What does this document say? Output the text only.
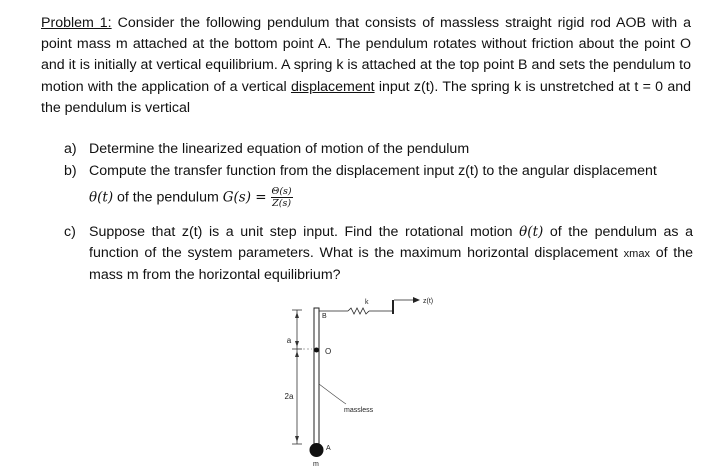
Problem 1: Consider the following pendulum that consists of massless straight rigid rod AOB with a point mass m attached at the bottom point A. The pendulum rotates without friction about the point O and it is initially at vertical equilibrium. A spring k is attached at the top point B and sets the pendulum to motion with the application of a vertical displacement input z(t). The spring k is unstretched at t = 0 and the pendulum is vertical
a) Determine the linearized equation of motion of the pendulum
b) Compute the transfer function from the displacement input z(t) to the angular displacement
θ(t) of the pendulum $G(s) = \frac{\Theta(s)}{Z(s)}$
c) Suppose that z(t) is a unit step input. Find the rotational motion θ(t) of the pendulum as a function of the system parameters. What is the maximum horizontal displacement xmax of the mass m from the horizontal equilibrium?
a
2a
O
B
k	z(t)
massless
A
m
